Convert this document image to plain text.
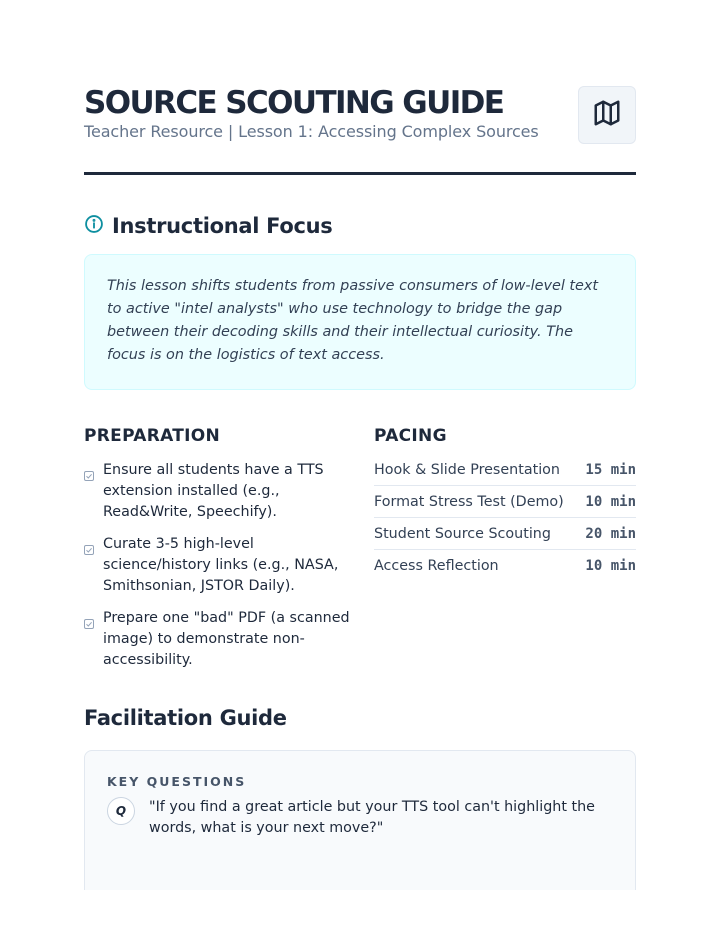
SOURCE SCOUTING GUIDE
Teacher Resource | Lesson 1: Accessing Complex Sources
Instructional Focus

This lesson shifts students from passive consumers of low-level text to active "intel analysts" who use technology to bridge the gap between their decoding skills and their intellectual curiosity. The focus is on the logistics of text access.

PREPARATION
Ensure all students have a TTS extension installed (e.g., Read&Write, Speechify).
Curate 3-5 high-level science/history links (e.g., NASA, Smithsonian, JSTOR Daily).
Prepare one "bad" PDF (a scanned image) to demonstrate non-accessibility.
PACING
Hook & Slide Presentation 15 min
Format Stress Test (Demo) 10 min
Student Source Scouting 20 min
Access Reflection	10 min
Facilitation Guide
KEY QUESTIONS
Q	"If you find a great article but your TTS tool can't highlight the words, what is your next move?"
